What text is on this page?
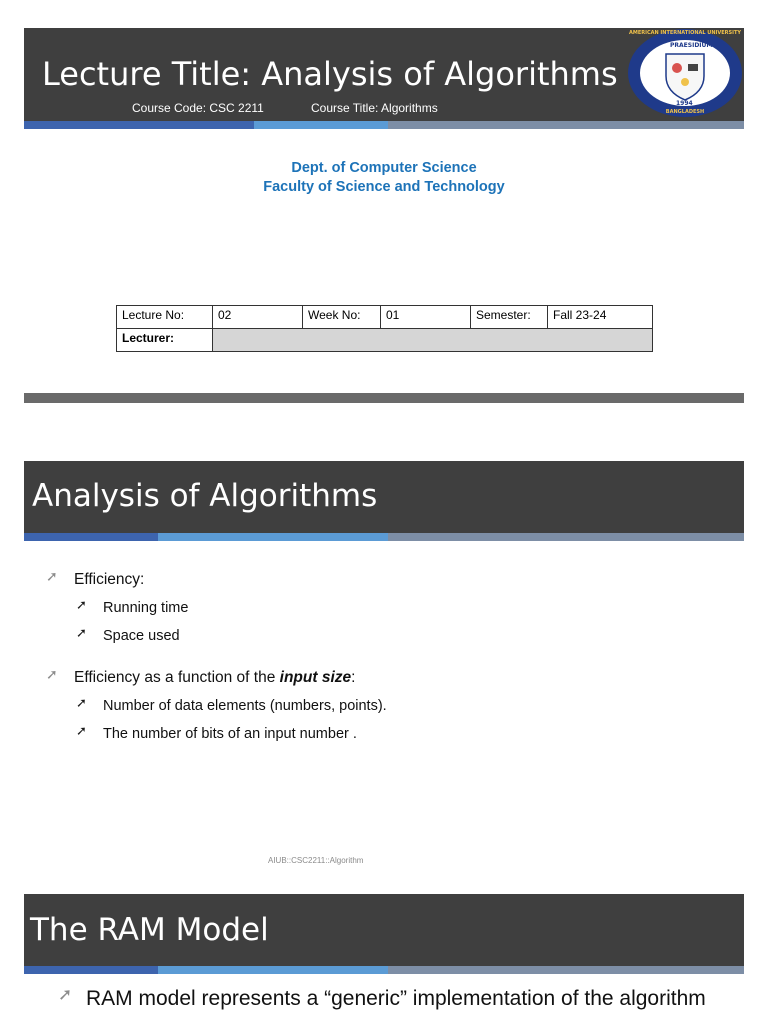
Lecture Title: Analysis of Algorithms
Course Code: CSC 2211	Course Title: Algorithms
PRAESIDIUM
AMERICAN INTERNATIONAL UNIVERSITY
1994
BANGLADESH
Dept. of Computer Science
Faculty of Science and Technology
Lecture No:	02	Week No:	01	Semester:	Fall 23-24
Lecturer:					
Analysis of Algorithms
➚ Efficiency:
➚ Running time
➚ Space used
➚ Efficiency as a function of the input size:
➚ Number of data elements (numbers, points).
➚ The number of bits of an input number .
AIUB::CSC2211::Algorithm
The RAM Model
➚ RAM model represents a “generic” implementation of the algorithm
